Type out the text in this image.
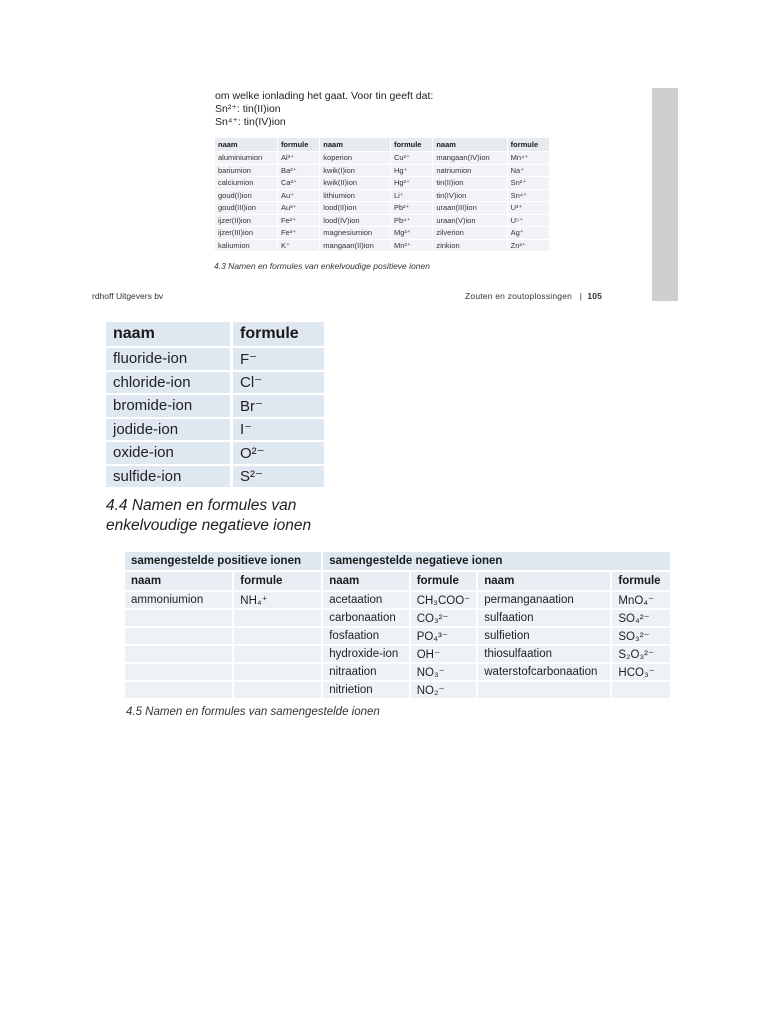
om welke ionlading het gaat. Voor tin geeft dat:
Sn²⁺: tin(II)ion
Sn⁴⁺: tin(IV)ion
naam	formule	naam	formule	naam	formule
aluminiumion	Al³⁺	koperion	Cu²⁺	mangaan(IV)ion	Mn⁴⁺
bariumion	Ba²⁺	kwik(I)ion	Hg⁺	natriumion	Na⁺
calciumion	Ca²⁺	kwik(II)ion	Hg²⁺	tin(II)ion	Sn²⁺
goud(I)ion	Au⁺	lithiumion	Li⁺	tin(IV)ion	Sn⁴⁺
goud(III)ion	Au³⁺	lood(II)ion	Pb²⁺	uraan(III)ion	U³⁺
ijzer(II)ion	Fe²⁺	lood(IV)ion	Pb⁴⁺	uraan(V)ion	U⁵⁺
ijzer(III)ion	Fe³⁺	magnesiumion	Mg²⁺	zilverion	Ag⁺
kaliumion	K⁺	mangaan(II)ion	Mn²⁺	zinkion	Zn²⁺
4.3 Namen en formules van enkelvoudige positieve ionen
rdhoff Uitgevers bv	Zouten en zoutoplossingen | 105
naam	formule
fluoride-ion	F⁻
chloride-ion	Cl⁻
bromide-ion	Br⁻
jodide-ion	I⁻
oxide-ion	O²⁻
sulfide-ion	S²⁻
4.4 Namen en formules van
enkelvoudige negatieve ionen
samengestelde positieve ionen		samengestelde negatieve ionen			
naam	formule	naam	formule	naam	formule
ammoniumion	NH₄⁺	acetaation	CH₃COO⁻	permanganaation	MnO₄⁻
		carbonaation	CO₃²⁻	sulfaation	SO₄²⁻
		fosfaation	PO₄³⁻	sulfietion	SO₃²⁻
		hydroxide-ion	OH⁻	thiosulfaation	S₂O₃²⁻
		nitraation	NO₃⁻	waterstofcarbonaation	HCO₃⁻
		nitrietion	NO₂⁻		
4.5 Namen en formules van samengestelde ionen
